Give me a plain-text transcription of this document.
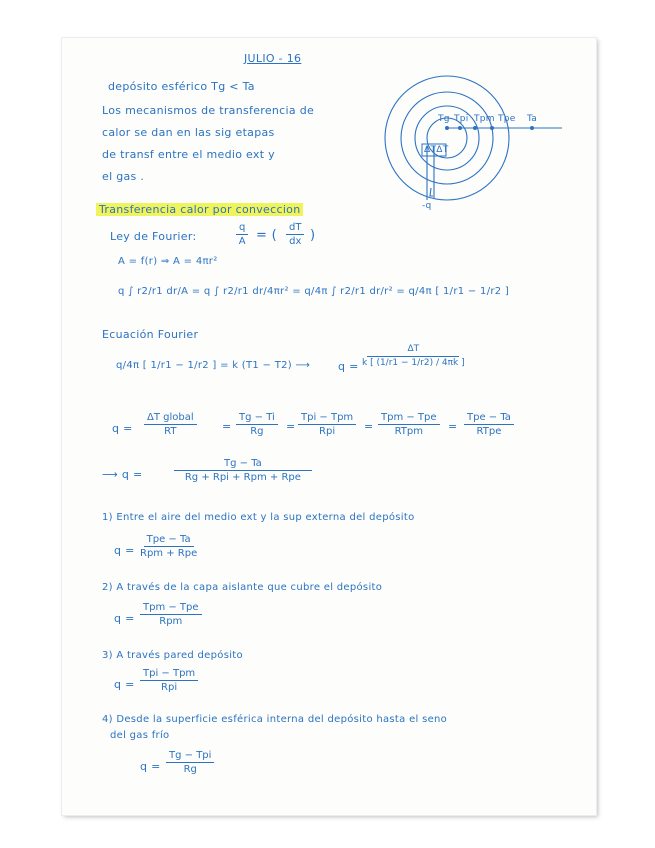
JULIO - 16
depósito esférico Tg < Ta
Los mecanismos de transferencia de
calor se dan en las sig etapas
de transf entre el medio ext y
el gas .
Tg Tpi Tpm Tpe Ta
ΔTΔT
-q
Transferencia calor por conveccion
Ley de Fourier:	$\frac{q}{A}$ = ( $\frac{dT}{dx}$ )
A = f(r) ⇒ A = 4πr²
q ∫ r2/r1 dr/A = q ∫ r2/r1 dr/4πr² = q/4π ∫ r2/r1 dr/r² = q/4π [ 1/r1 − 1/r2 ]
Ecuación Fourier
q/4π [ 1/r1 − 1/r2 ] = k (T1 − T2) ⟶	$q = \frac{\Delta T}{k [ (1/r1 - 1/r2) / 4\pi k ]}$
q =
ΔT global
RT	= $\frac{Tg - Ti}{Rg}$ =
Tpi − Tpm
Rpi	=
Tpm − Tpe
RTpm =
Tpe − Ta
RTpe
⟶ q =
Tg − Ta
Rg + Rpi + Rpm + Rpe
1) Entre el aire del medio ext y la sup externa del depósito
q =
Tpe − Ta
Rpm + Rpe
2) A través de la capa aislante que cubre el depósito
q =
Tpm − Tpe
Rpm
3) A través pared depósito
q =
Tpi − Tpm
Rpi
4) Desde la superficie esférica interna del depósito hasta el seno
del gas frío
q =
Tg − Tpi
Rg
